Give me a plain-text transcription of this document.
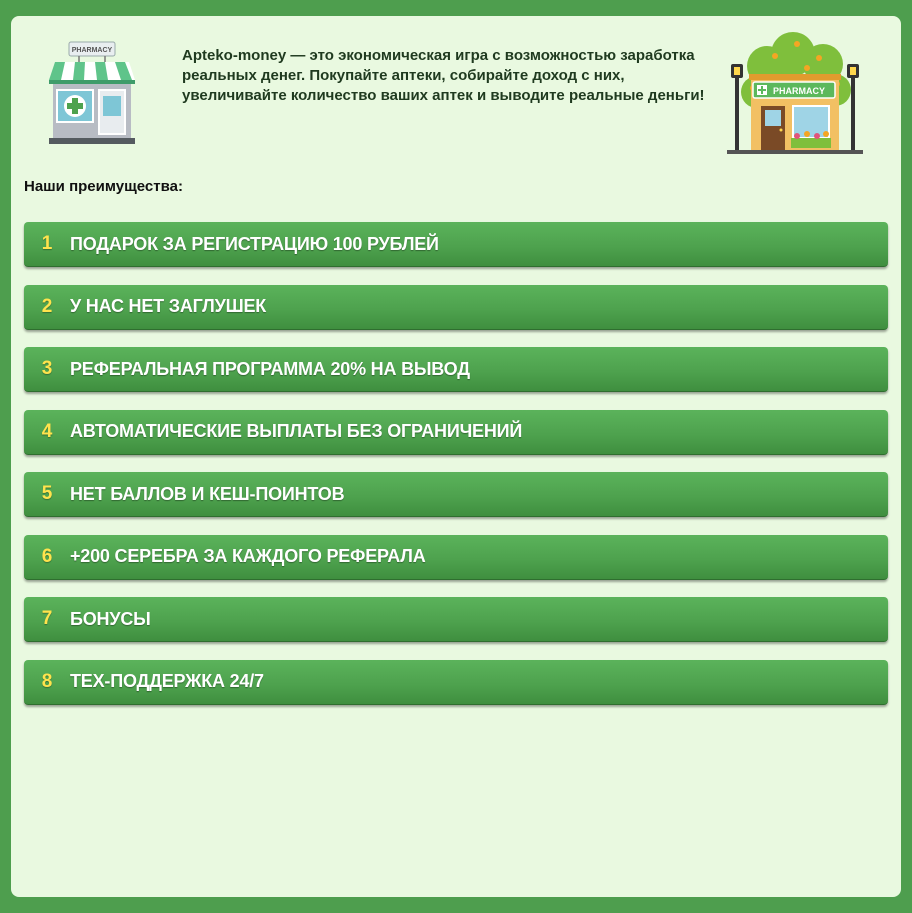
PHARMACY	Apteko-money — это экономическая игра с возможностью заработка реальных денег. Покупайте аптеки, собирайте доход с них, увеличивайте количество ваших аптек и выводите реальные деньги!	PHARMACY
Наши преимущества:
1 ПОДАРОК ЗА РЕГИСТРАЦИЮ 100 РУБЛЕЙ
2 У НАС НЕТ ЗАГЛУШЕК
3 РЕФЕРАЛЬНАЯ ПРОГРАММА 20% НА ВЫВОД
4 АВТОМАТИЧЕСКИЕ ВЫПЛАТЫ БЕЗ ОГРАНИЧЕНИЙ
5 НЕТ БАЛЛОВ И КЕШ-ПОИНТОВ
6 +200 СЕРЕБРА ЗА КАЖДОГО РЕФЕРАЛА
7 БОНУСЫ
8 ТЕХ-ПОДДЕРЖКА 24/7
